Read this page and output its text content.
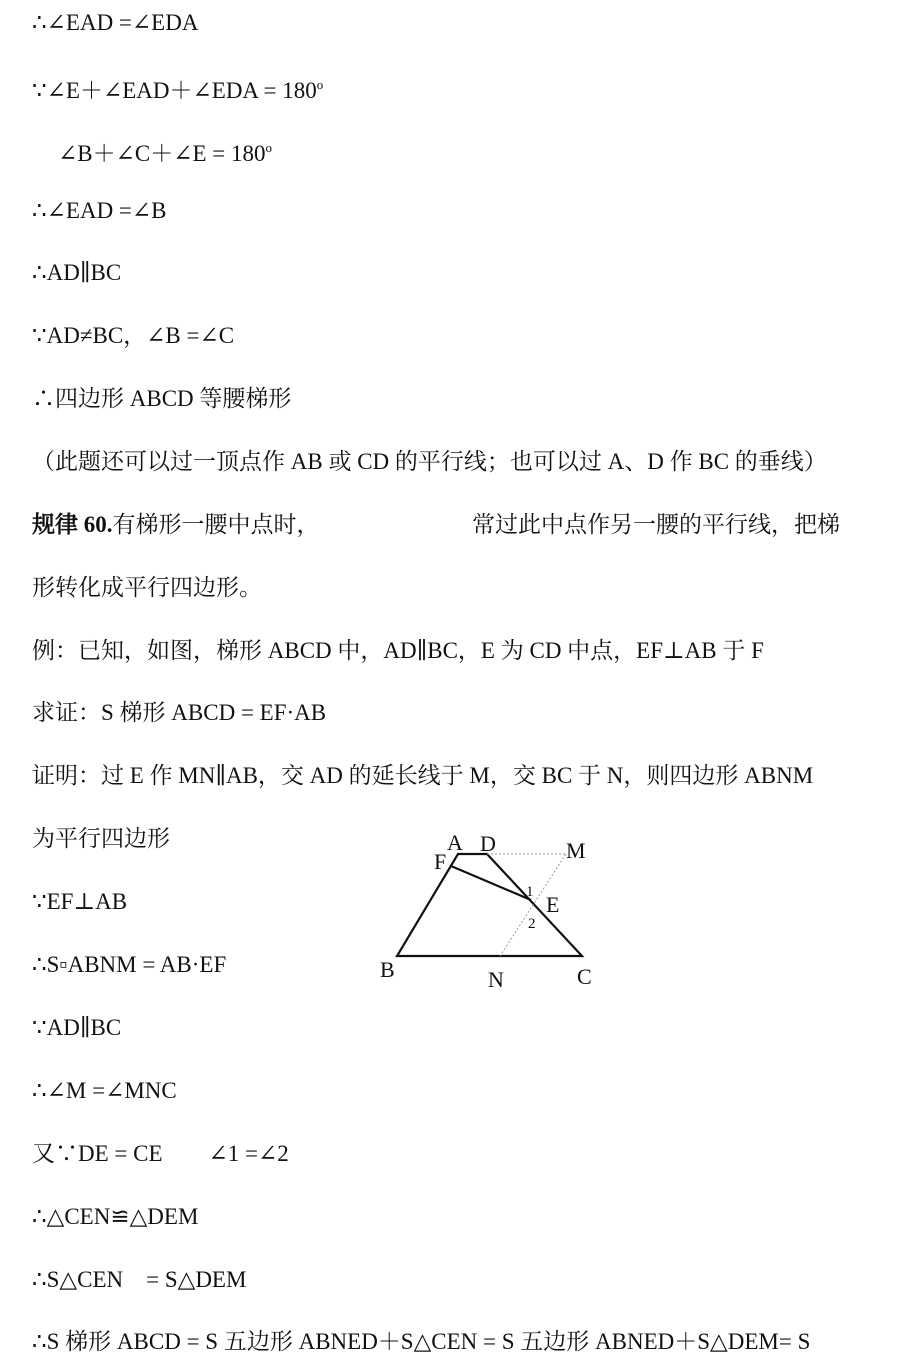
∴∠EAD =∠EDA
∵∠E＋∠EAD＋∠EDA = $180^o$
∠B＋∠C＋∠E = $180^o$
∴∠EAD =∠B
∴AD∥BC
∵AD≠BC，∠B =∠C
∴四边形 ABCD 等腰梯形
（此题还可以过一顶点作 AB 或 CD 的平行线；也可以过 A、D 作 BC 的垂线）
规律 60.有梯形一腰中点时，	常过此中点作另一腰的平行线，把梯
形转化成平行四边形。
例：已知，如图，梯形 ABCD 中，AD∥BC，E 为 CD 中点，EF⊥AB 于 F
求证：S 梯形 ABCD = EF·AB
证明：过 E 作 MN∥AB，交 AD 的延长线于 M，交 BC 于 N，则四边形 ABNM
为平行四边形
∵EF⊥AB
∴S▫ABNM = AB·EF
∵AD∥BC
∴∠M =∠MNC
又∵DE = CE　　∠1 =∠2
∴△CEN≌△DEM
∴S△CEN　= S△DEM
∴S 梯形 ABCD = S 五边形 ABNED＋S△CEN = S 五边形 ABNED＋S△DEM= S
A D	M
F
1 E
2
B	N	C
